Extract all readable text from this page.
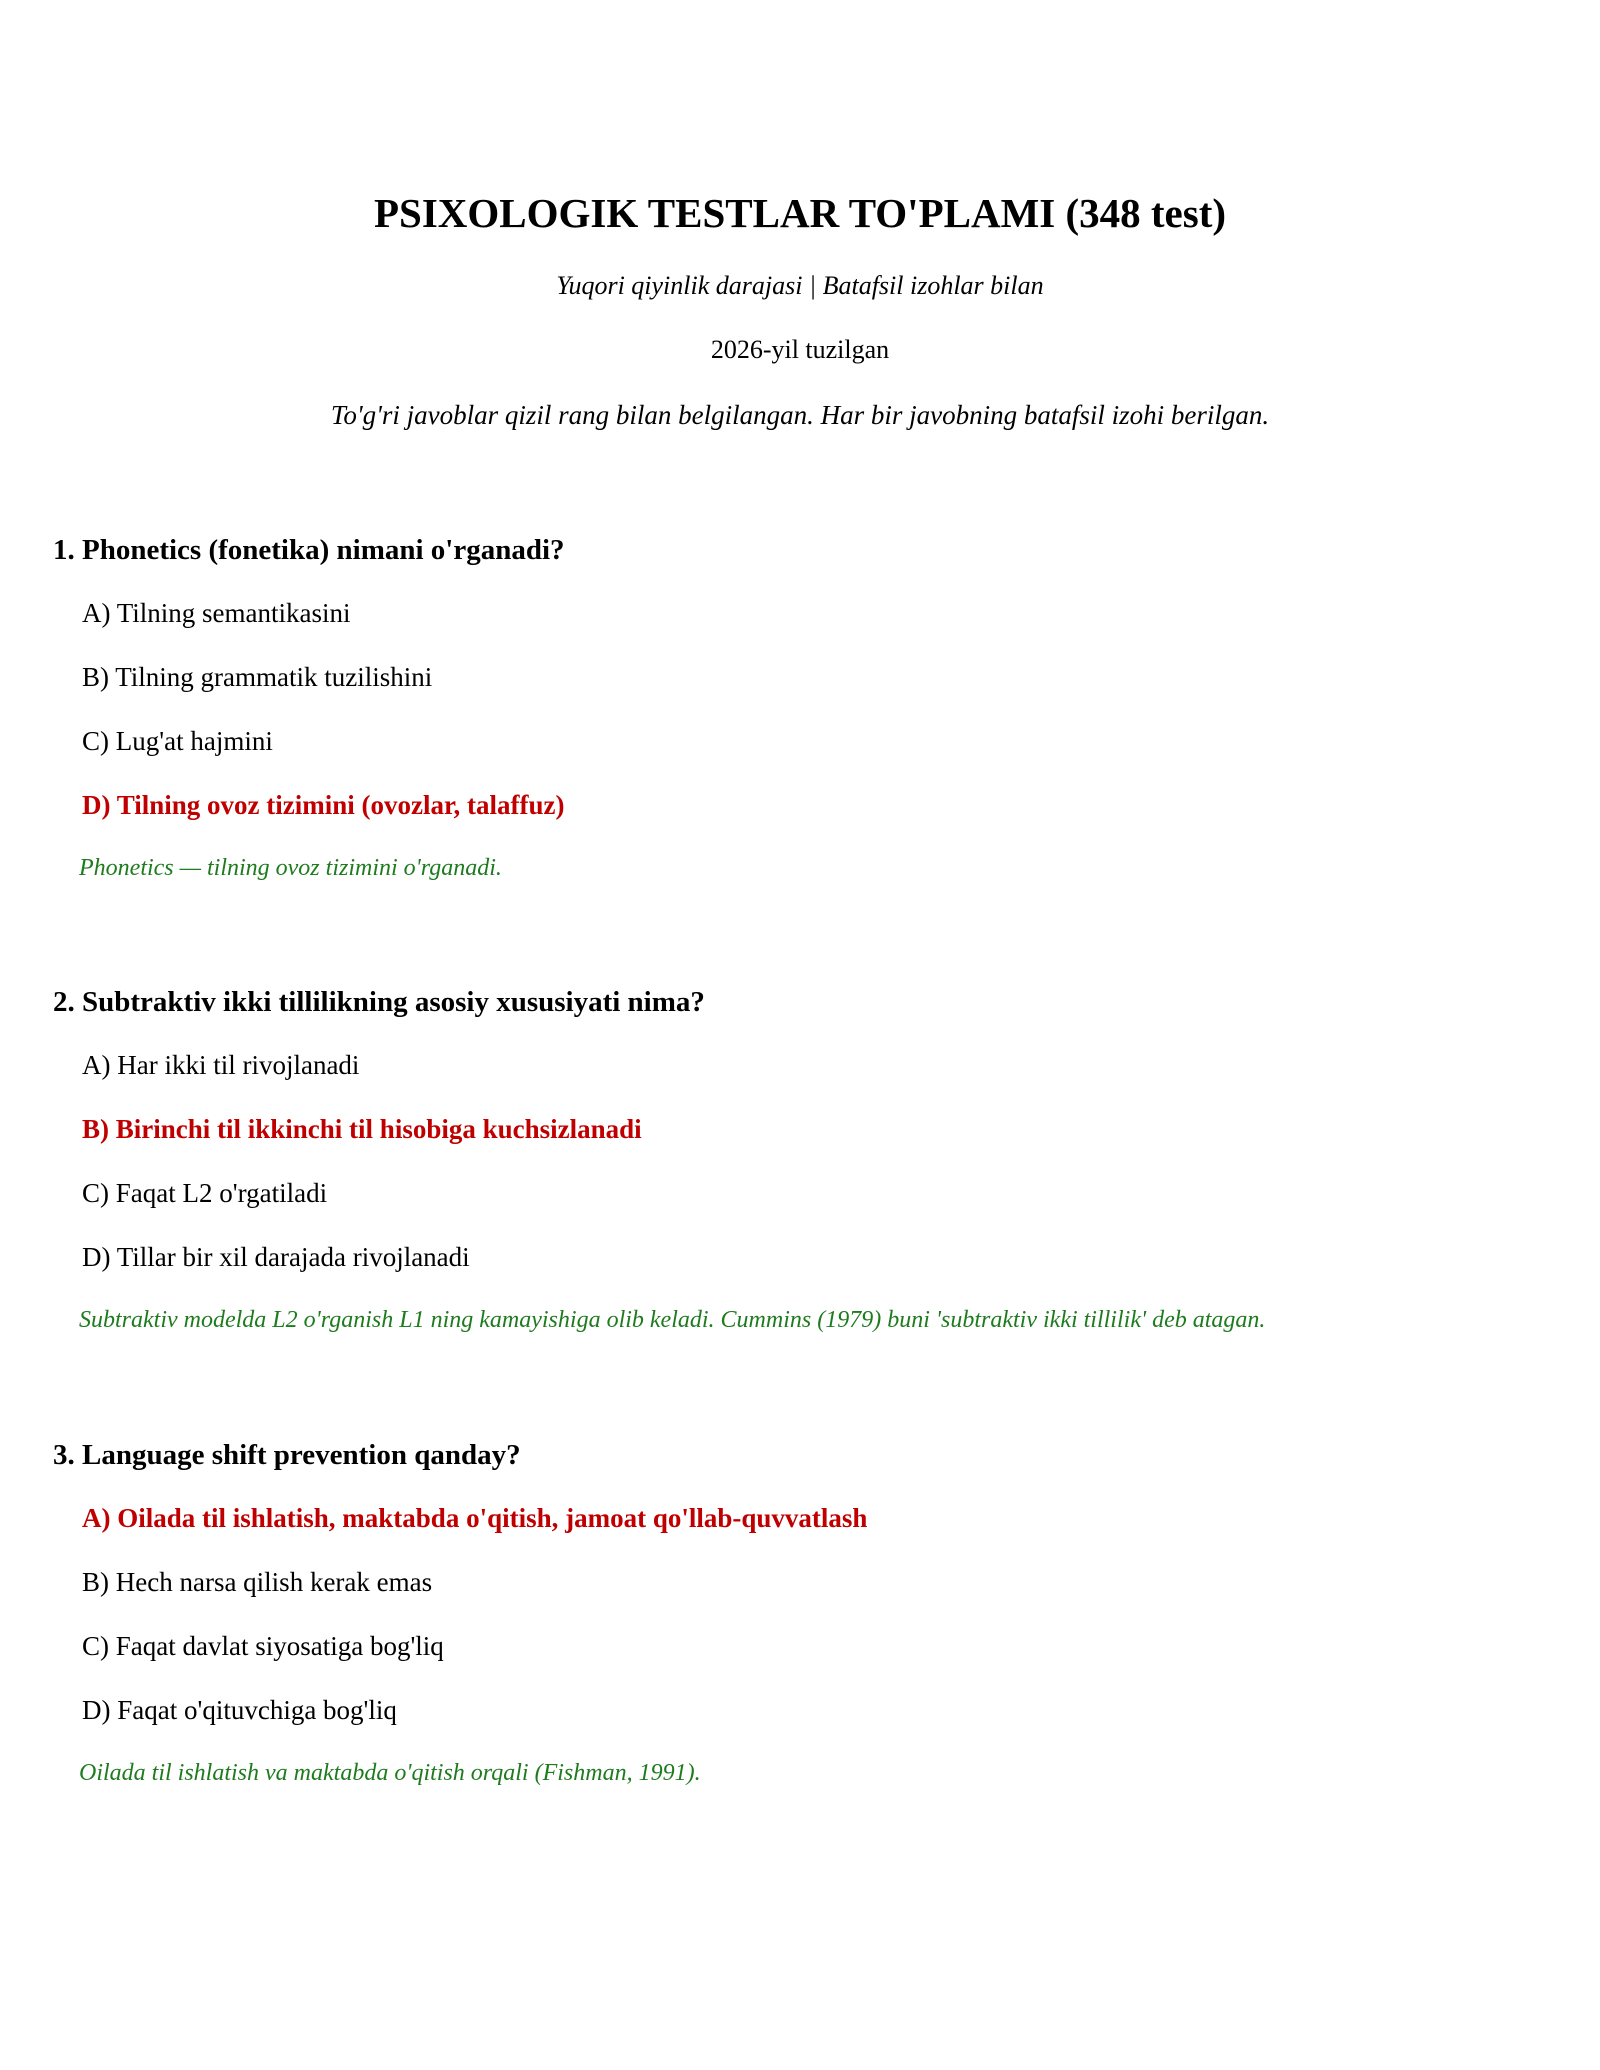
PSIXOLOGIK TESTLAR TO'PLAMI (348 test)

Yuqori qiyinlik darajasi | Batafsil izohlar bilan

2026-yil tuzilgan

To'g'ri javoblar qizil rang bilan belgilangan. Har bir javobning batafsil izohi berilgan.

1. Phonetics (fonetika) nimani o'rganadi?
A) Tilning semantikasini
B) Tilning grammatik tuzilishini
C) Lug'at hajmini
D) Tilning ovoz tizimini (ovozlar, talaffuz)
Phonetics — tilning ovoz tizimini o'rganadi.
2. Subtraktiv ikki tillilikning asosiy xususiyati nima?
A) Har ikki til rivojlanadi
B) Birinchi til ikkinchi til hisobiga kuchsizlanadi
C) Faqat L2 o'rgatiladi
D) Tillar bir xil darajada rivojlanadi
Subtraktiv modelda L2 o'rganish L1 ning kamayishiga olib keladi. Cummins (1979) buni 'subtraktiv ikki tillilik' deb atagan.
3. Language shift prevention qanday?
A) Oilada til ishlatish, maktabda o'qitish, jamoat qo'llab-quvvatlash
B) Hech narsa qilish kerak emas
C) Faqat davlat siyosatiga bog'liq
D) Faqat o'qituvchiga bog'liq
Oilada til ishlatish va maktabda o'qitish orqali (Fishman, 1991).
